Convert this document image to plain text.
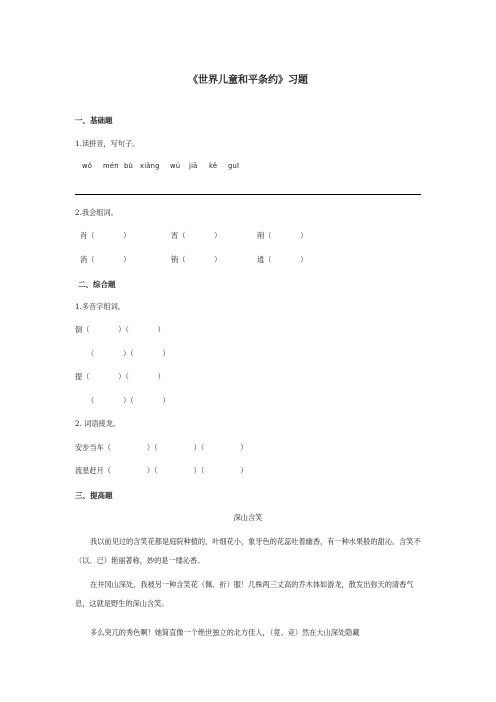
《世界儿童和平条约》习题
一、基础题
1.读拼音，写句子。
wǒ mén bù xiǎng wú jiā kě guī
2.我会组词。
肖（　　　　）	宵（　　　　）	削（　　　　）
消（　　　　）	销（　　　　）	逍（　　　　）
二、综合题
1.多音字组词。
倒（　　　　）（　　　　）
（　　　　）（　　　　）
提（　　　　）（　　　　）
（　　　　）（　　　　）
2. 词语接龙。
安步当车（　　　　　）（　　　　　）（　　　　　）
流星赶月（　　　　　）（　　　　　）（　　　　　）
三、提高题
深山含笑
我以前见过的含笑花都是庭院种植的，叶细花小，象牙色的花蕊吐着幽香，有一种水果般的甜沁。含笑不（以、已）艳丽著称，妙的是一缕沁香。
在井冈山深处，我被另一种含笑花（佩、折）服！几株两三丈高的乔木体如游龙，散发出弥天的清香气息，这就是野生的深山含笑。
多么突兀的秀色啊！她简直像一个绝世独立的北方佳人，（竟、竞）然在大山深处隐藏
